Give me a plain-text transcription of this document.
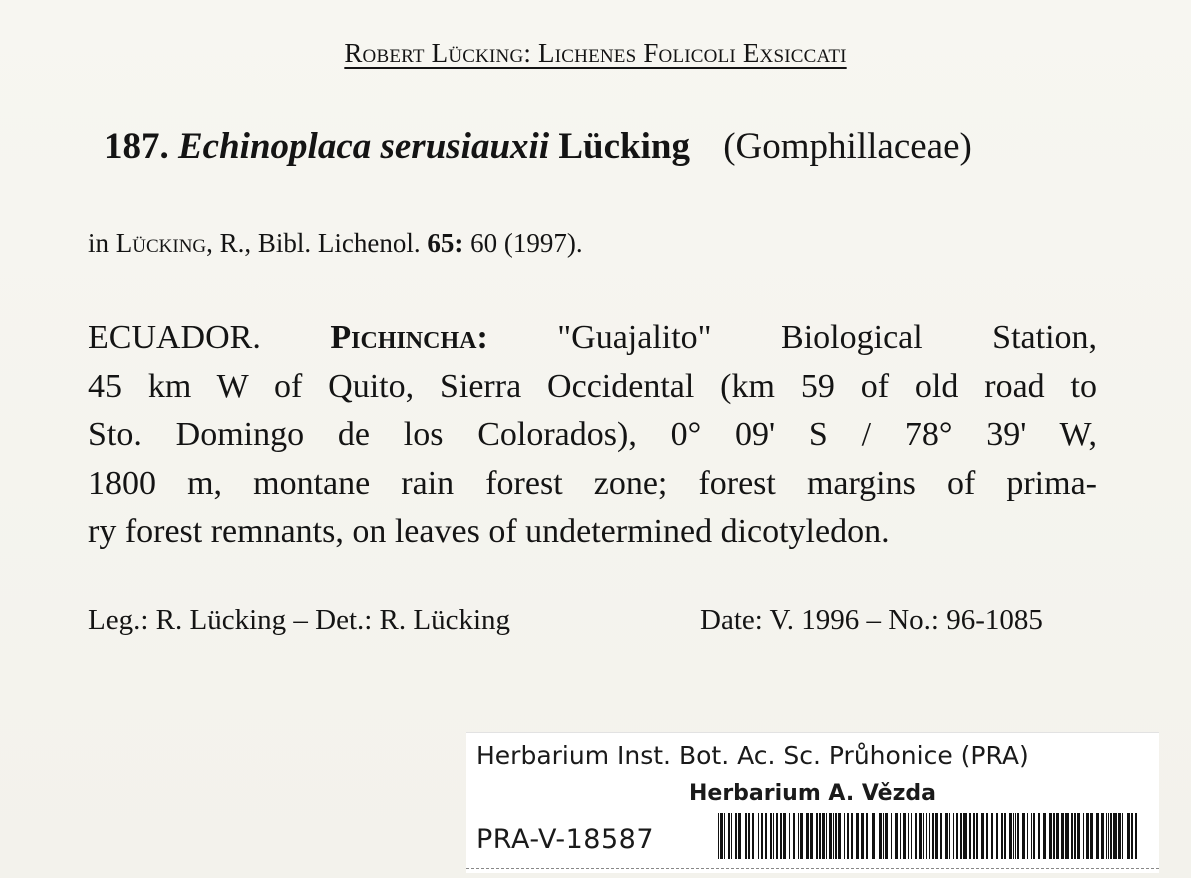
Robert Lücking: Lichenes Folicoli Exsiccati
187. Echinoplaca serusiauxii Lücking (Gomphillaceae)
in Lücking, R., Bibl. Lichenol. 65: 60 (1997).
ECUADOR. Pichincha: "Guajalito" Biological Station,
45 km W of Quito, Sierra Occidental (km 59 of old road to
Sto. Domingo de los Colorados), 0° 09' S / 78° 39' W,
1800 m, montane rain forest zone; forest margins of prima-
ry forest remnants, on leaves of undetermined dicotyledon.
Leg.: R. Lücking – Det.: R. Lücking	Date: V. 1996 – No.: 96-1085
Herbarium Inst. Bot. Ac. Sc. Průhonice (PRA)
Herbarium A. Vězda
PRA-V-18587
